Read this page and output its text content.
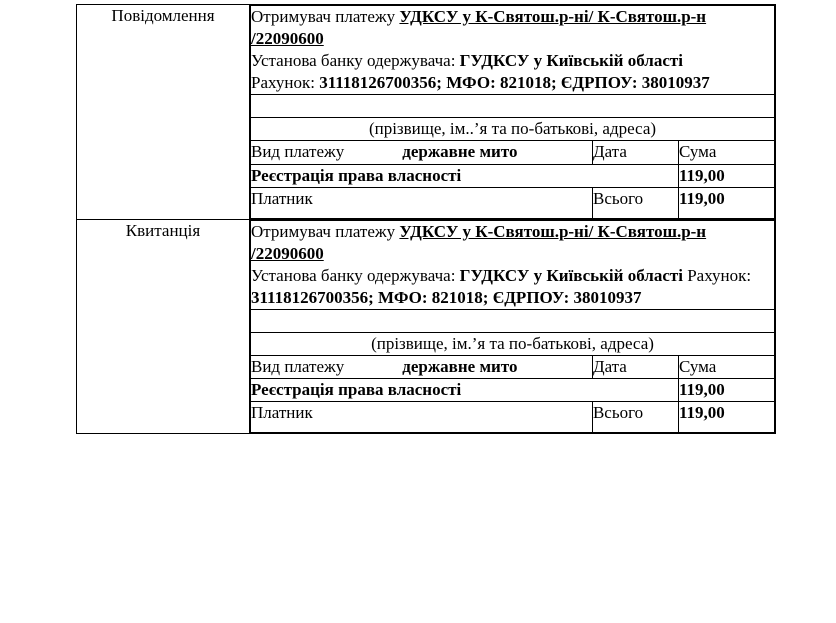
Повідомлення	Отримувач платежу УДКСУ у К-Святош.р-ні/ К-Святош.р-н /22090600
Установа банку одержувача: ГУДКСУ у Київській області
Рахунок: 31118126700356; МФО: 821018; ЄДРПОУ: 38010937

(прізвище, ім..’я та по-батькові, адреса)
Вид платежу	державне мито	Дата	Сума
Реєстрація права власності	119,00
Платник	Всього	119,00

Квитанція		Отримувач платежу УДКСУ у К-Святош.р-ні/ К-Святош.р-н /22090600
Установа банку одержувача: ГУДКСУ у Київській області Рахунок: 31118126700356; МФО: 821018; ЄДРПОУ: 38010937

(прізвище, ім.’я та по-батькові, адреса)
Вид платежу	державне мито	Дата	Сума
Реєстрація права власності	119,00
Платник	Всього	119,00
